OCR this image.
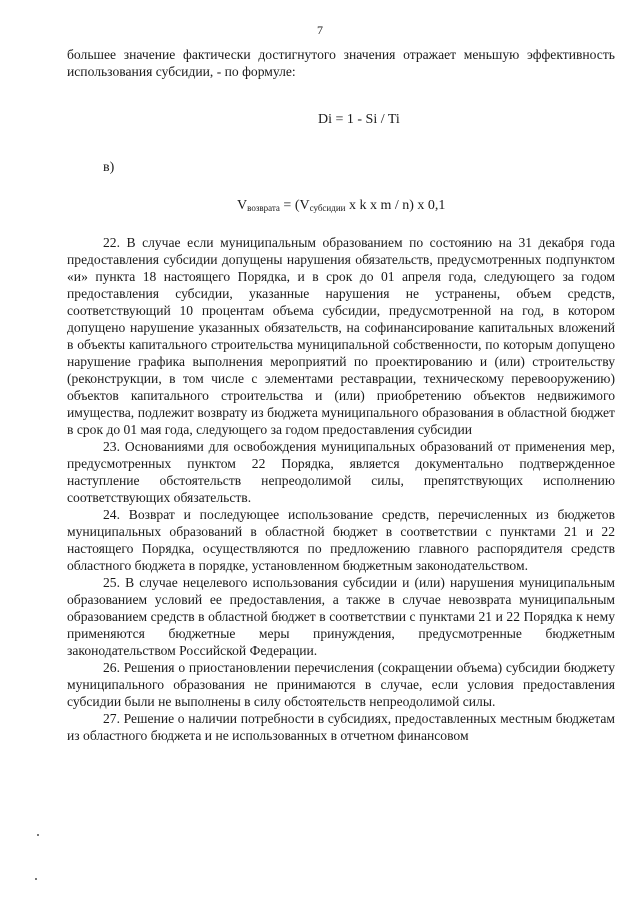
7

большее значение фактически достигнутого значения отражает меньшую эффективность использования субсидии, - по формуле:

Di = 1 - Si / Ti
в)
$V_{возврата} = (V_{субсидии}$ x k x m / n) x 0,1

22. В случае если муниципальным образованием по состоянию на 31 декабря года предоставления субсидии допущены нарушения обязательств, предусмотренных подпунктом «и» пункта 18 настоящего Порядка, и в срок до 01 апреля года, следующего за годом предоставления субсидии, указанные нарушения не устранены, объем средств, соответствующий 10 процентам объема субсидии, предусмотренной на год, в котором допущено нарушение указанных обязательств, на софинансирование капитальных вложений в объекты капитального строительства муниципальной собственности, по которым допущено нарушение графика выполнения мероприятий по проектированию и (или) строительству (реконструкции, в том числе с элементами реставрации, техническому перевооружению) объектов капитального строительства и (или) приобретению объектов недвижимого имущества, подлежит возврату из бюджета муниципального образования в областной бюджет в срок до 01 мая года, следующего за годом предоставления субсидии

23. Основаниями для освобождения муниципальных образований от применения мер, предусмотренных пунктом 22 Порядка, является документально подтвержденное наступление обстоятельств непреодолимой силы, препятствующих исполнению соответствующих обязательств.

24. Возврат и последующее использование средств, перечисленных из бюджетов муниципальных образований в областной бюджет в соответствии с пунктами 21 и 22 настоящего Порядка, осуществляются по предложению главного распорядителя средств областного бюджета в порядке, установленном бюджетным законодательством.

25. В случае нецелевого использования субсидии и (или) нарушения муниципальным образованием условий ее предоставления, а также в случае невозврата муниципальным образованием средств в областной бюджет в соответствии с пунктами 21 и 22 Порядка к нему применяются бюджетные меры принуждения, предусмотренные бюджетным законодательством Российской Федерации.

26. Решения о приостановлении перечисления (сокращении объема) субсидии бюджету муниципального образования не принимаются в случае, если условия предоставления субсидии были не выполнены в силу обстоятельств непреодолимой силы.

27. Решение о наличии потребности в субсидиях, предоставленных местным бюджетам из областного бюджета и не использованных в отчетном финансовом
